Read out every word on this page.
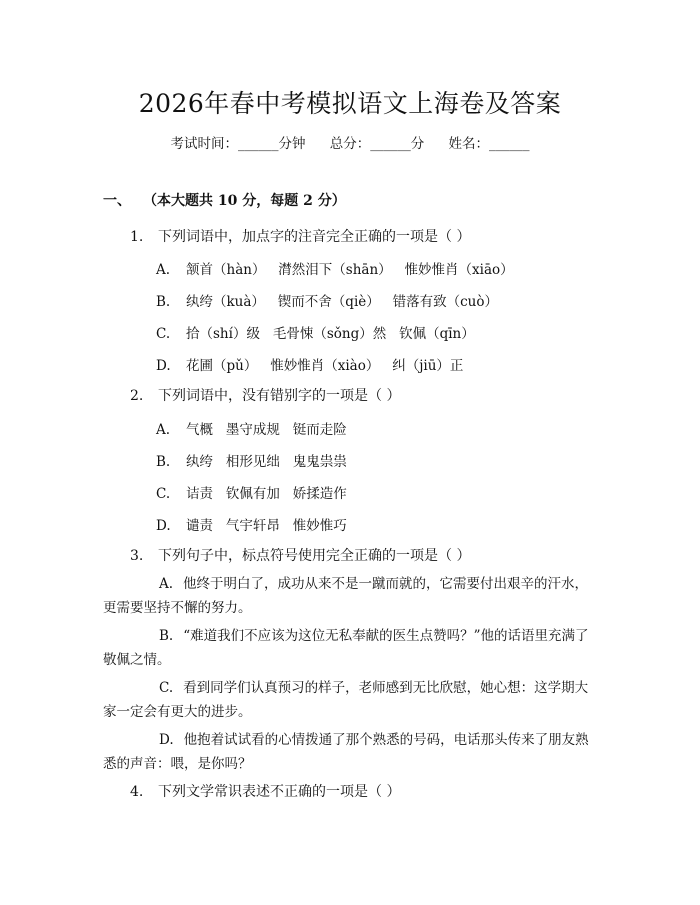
2026年春中考模拟语文上海卷及答案
考试时间：______分钟 总分：______分 姓名：______
一、 （本大题共 10 分，每题 2 分）
1. 下列词语中，加点字的注音完全正确的一项是（ ）
A. 颔首（hàn）   潸然泪下（shān）   惟妙惟肖（xiāo）
B. 纨绔（kuà）   锲而不舍（qiè）   错落有致（cuò）
C. 拾（shí）级   毛骨悚（sǒng）然   钦佩（qīn）
D. 花圃（pǔ）   惟妙惟肖（xiào）   纠（jiū）正
2. 下列词语中，没有错别字的一项是（ ）
A. 气概   墨守成规   铤而走险
B. 纨绔   相形见绌   鬼鬼祟祟
C. 诘责   钦佩有加   娇揉造作
D. 谴责   气宇轩昂   惟妙惟巧
3. 下列句子中，标点符号使用完全正确的一项是（ ）
A. 他终于明白了，成功从来不是一蹴而就的，它需要付出艰辛的汗水，更需要坚持不懈的努力。
B. “难道我们不应该为这位无私奉献的医生点赞吗？”他的话语里充满了敬佩之情。
C. 看到同学们认真预习的样子，老师感到无比欣慰，她心想：这学期大家一定会有更大的进步。
D. 他抱着试试看的心情拨通了那个熟悉的号码，电话那头传来了朋友熟悉的声音：喂，是你吗？
4. 下列文学常识表述不正确的一项是（ ）
